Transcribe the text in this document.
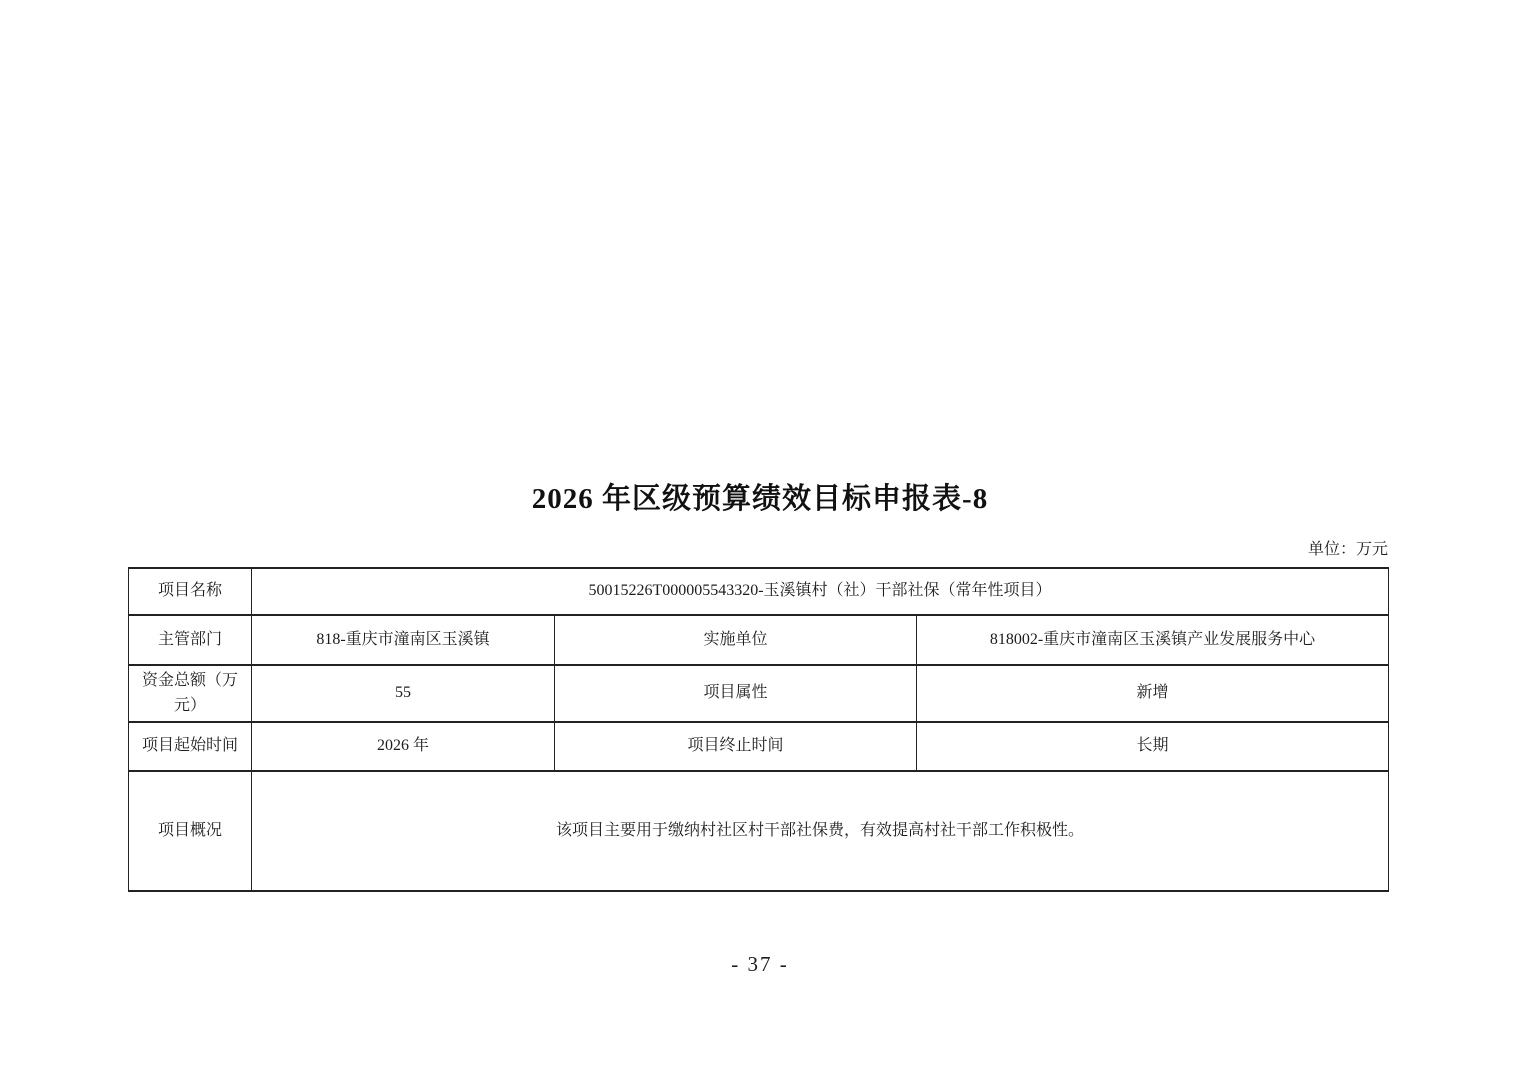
2026 年区级预算绩效目标申报表-8
单位：万元
项目名称	50015226T000005543320-玉溪镇村（社）干部社保（常年性项目）		
主管部门	818-重庆市潼南区玉溪镇	实施单位	818002-重庆市潼南区玉溪镇产业发展服务中心
资金总额（万元）	55	项目属性	新增
项目起始时间	2026 年	项目终止时间	长期
项目概况	该项目主要用于缴纳村社区村干部社保费，有效提高村社干部工作积极性。		
- 37 -
